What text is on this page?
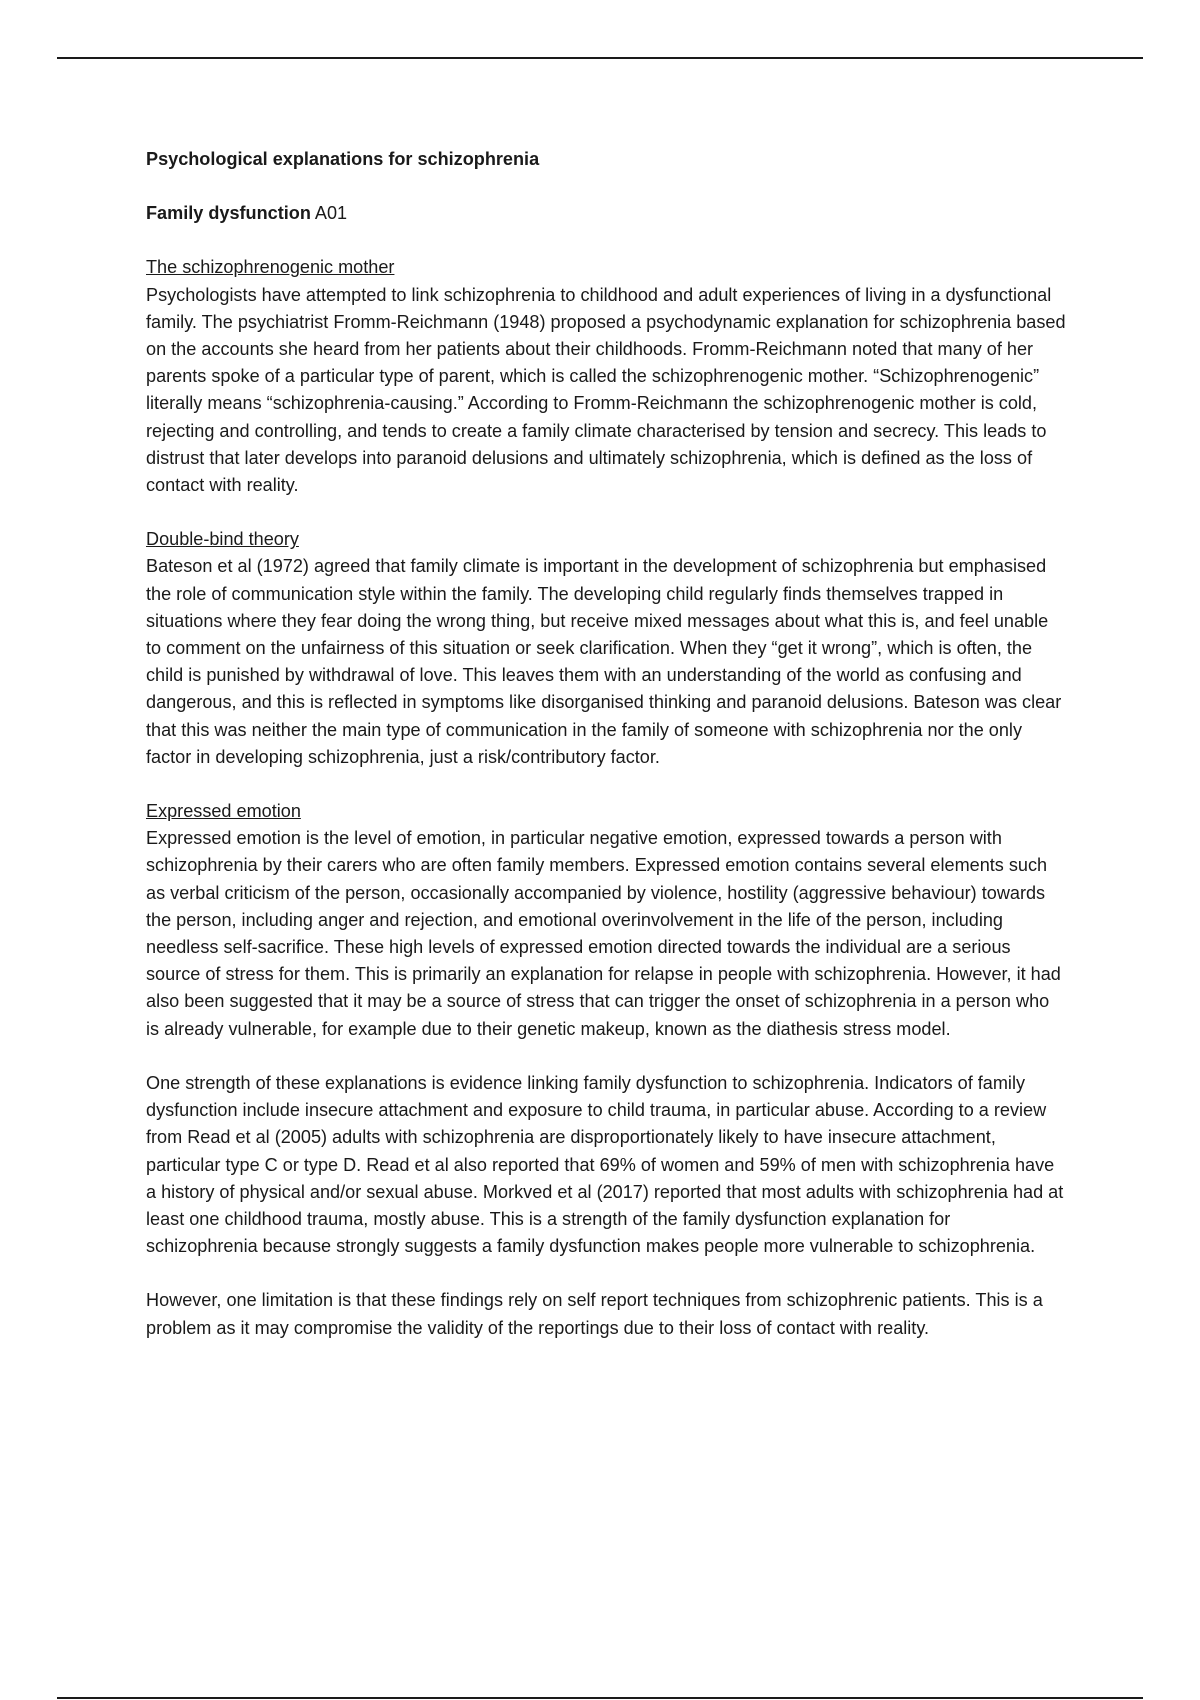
Psychological explanations for schizophrenia

Family dysfunction A01

The schizophrenogenic mother

Psychologists have attempted to link schizophrenia to childhood and adult experiences of living in a dysfunctional family. The psychiatrist Fromm-Reichmann (1948) proposed a psychodynamic explanation for schizophrenia based on the accounts she heard from her patients about their childhoods. Fromm-Reichmann noted that many of her parents spoke of a particular type of parent, which is called the schizophrenogenic mother. “Schizophrenogenic” literally means “schizophrenia-causing.” According to Fromm-Reichmann the schizophrenogenic mother is cold, rejecting and controlling, and tends to create a family climate characterised by tension and secrecy. This leads to distrust that later develops into paranoid delusions and ultimately schizophrenia, which is defined as the loss of contact with reality.

Double-bind theory

Bateson et al (1972) agreed that family climate is important in the development of schizophrenia but emphasised the role of communication style within the family. The developing child regularly finds themselves trapped in situations where they fear doing the wrong thing, but receive mixed messages about what this is, and feel unable to comment on the unfairness of this situation or seek clarification. When they “get it wrong”, which is often, the child is punished by withdrawal of love. This leaves them with an understanding of the world as confusing and dangerous, and this is reflected in symptoms like disorganised thinking and paranoid delusions. Bateson was clear that this was neither the main type of communication in the family of someone with schizophrenia nor the only factor in developing schizophrenia, just a risk/contributory factor.

Expressed emotion

Expressed emotion is the level of emotion, in particular negative emotion, expressed towards a person with schizophrenia by their carers who are often family members. Expressed emotion contains several elements such as verbal criticism of the person, occasionally accompanied by violence, hostility (aggressive behaviour) towards the person, including anger and rejection, and emotional overinvolvement in the life of the person, including needless self-sacrifice. These high levels of expressed emotion directed towards the individual are a serious source of stress for them. This is primarily an explanation for relapse in people with schizophrenia. However, it had also been suggested that it may be a source of stress that can trigger the onset of schizophrenia in a person who is already vulnerable, for example due to their genetic makeup, known as the diathesis stress model.

One strength of these explanations is evidence linking family dysfunction to schizophrenia. Indicators of family dysfunction include insecure attachment and exposure to child trauma, in particular abuse. According to a review from Read et al (2005) adults with schizophrenia are disproportionately likely to have insecure attachment, particular type C or type D. Read et al also reported that 69% of women and 59% of men with schizophrenia have a history of physical and/or sexual abuse. Morkved et al (2017) reported that most adults with schizophrenia had at least one childhood trauma, mostly abuse. This is a strength of the family dysfunction explanation for schizophrenia because strongly suggests a family dysfunction makes people more vulnerable to schizophrenia.

However, one limitation is that these findings rely on self report techniques from schizophrenic patients. This is a problem as it may compromise the validity of the reportings due to their loss of contact with reality.
